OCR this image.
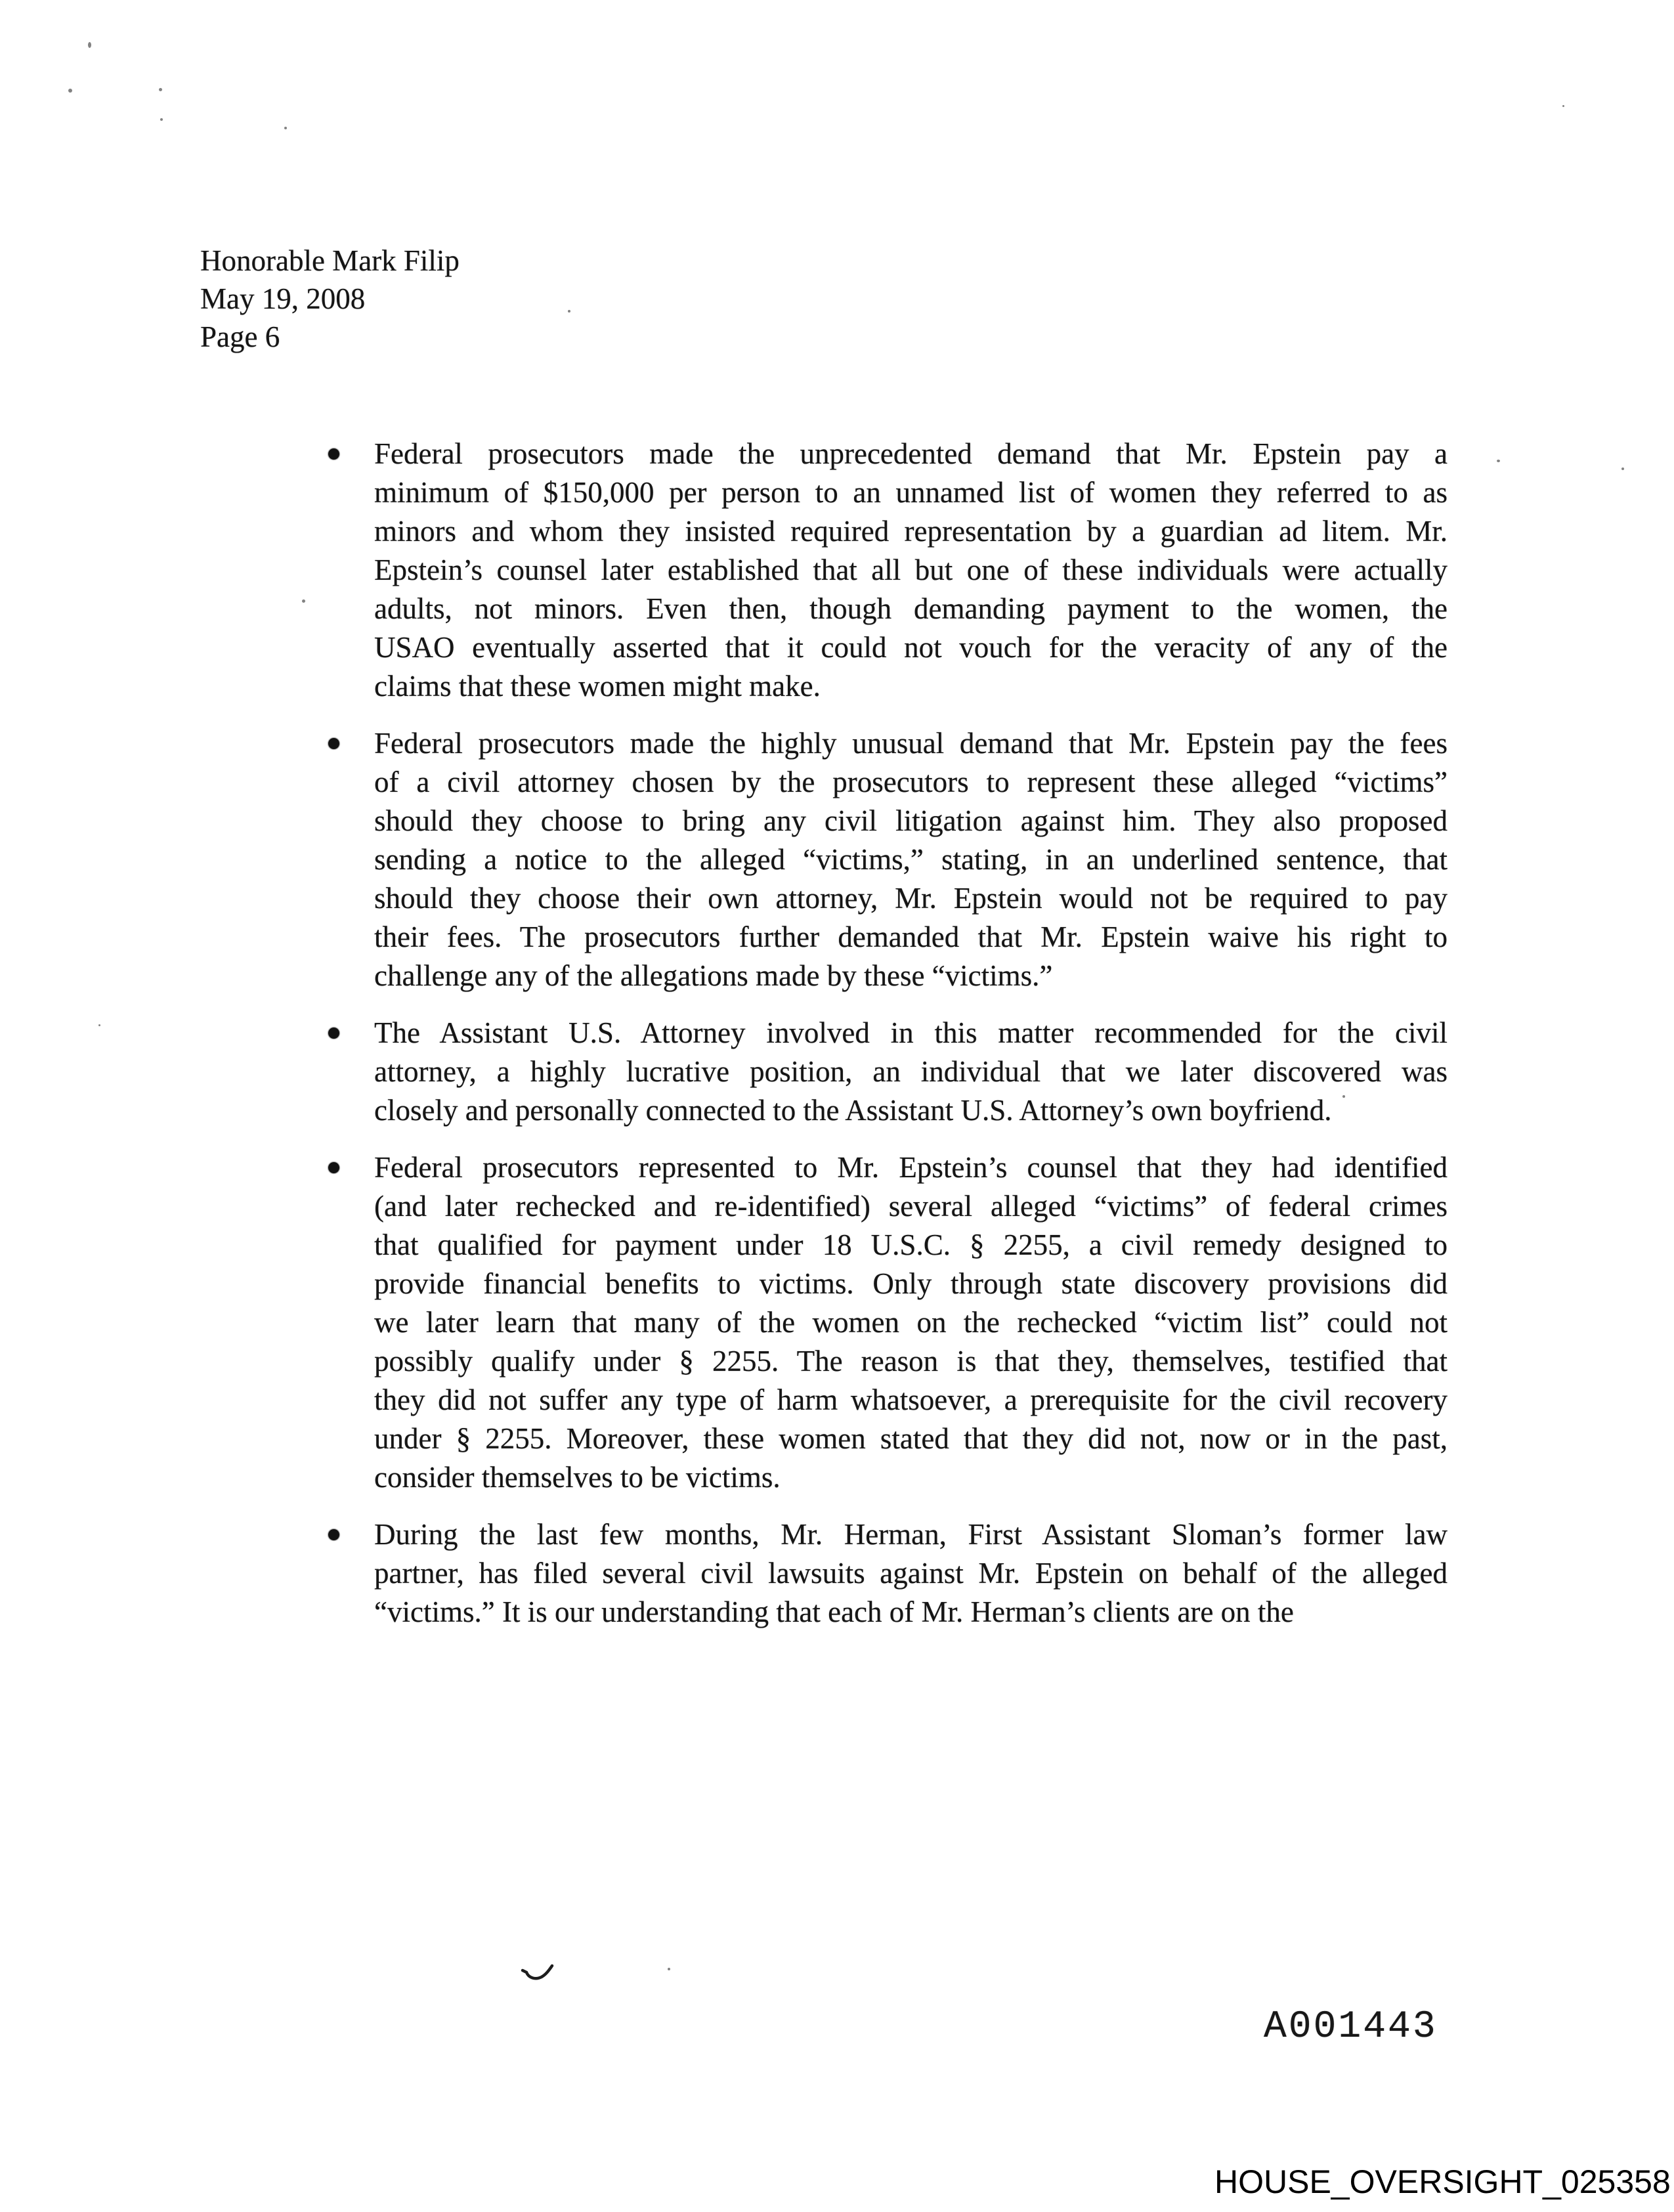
Honorable Mark Filip
May 19, 2008
Page 6
Federal prosecutors made the unprecedented demand that Mr. Epstein pay a
minimum of $150,000 per person to an unnamed list of women they referred to as
minors and whom they insisted required representation by a guardian ad litem. Mr.
Epstein’s counsel later established that all but one of these individuals were actually
adults, not minors. Even then, though demanding payment to the women, the
USAO eventually asserted that it could not vouch for the veracity of any of the
claims that these women might make.
Federal prosecutors made the highly unusual demand that Mr. Epstein pay the fees
of a civil attorney chosen by the prosecutors to represent these alleged “victims”
should they choose to bring any civil litigation against him. They also proposed
sending a notice to the alleged “victims,” stating, in an underlined sentence, that
should they choose their own attorney, Mr. Epstein would not be required to pay
their fees. The prosecutors further demanded that Mr. Epstein waive his right to
challenge any of the allegations made by these “victims.”
The Assistant U.S. Attorney involved in this matter recommended for the civil
attorney, a highly lucrative position, an individual that we later discovered was
closely and personally connected to the Assistant U.S. Attorney’s own boyfriend.
Federal prosecutors represented to Mr. Epstein’s counsel that they had identified
(and later rechecked and re-identified) several alleged “victims” of federal crimes
that qualified for payment under 18 U.S.C. § 2255, a civil remedy designed to
provide financial benefits to victims. Only through state discovery provisions did
we later learn that many of the women on the rechecked “victim list” could not
possibly qualify under § 2255. The reason is that they, themselves, testified that
they did not suffer any type of harm whatsoever, a prerequisite for the civil recovery
under § 2255. Moreover, these women stated that they did not, now or in the past,
consider themselves to be victims.
During the last few months, Mr. Herman, First Assistant Sloman’s former law
partner, has filed several civil lawsuits against Mr. Epstein on behalf of the alleged
“victims.” It is our understanding that each of Mr. Herman’s clients are on the
A001443
HOUSE_OVERSIGHT_025358
